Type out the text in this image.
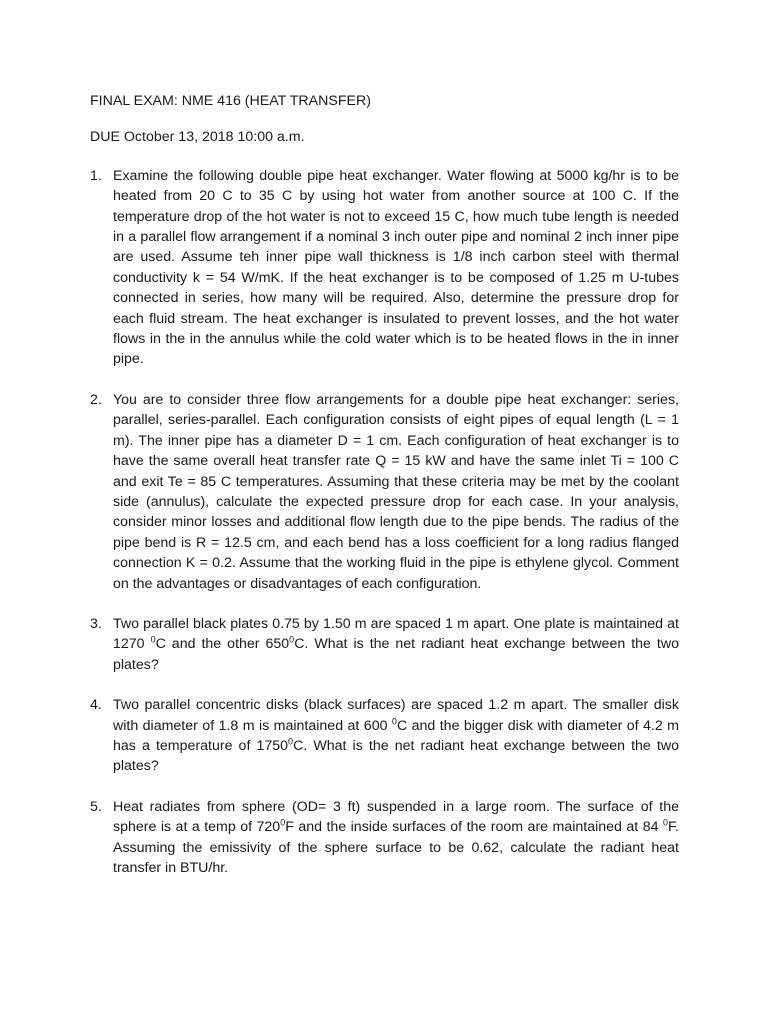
FINAL EXAM: NME 416 (HEAT TRANSFER)

DUE October 13, 2018 10:00 a.m.

1. Examine the following double pipe heat exchanger. Water flowing at 5000 kg/hr is to be heated from 20 C to 35 C by using hot water from another source at 100 C. If the temperature drop of the hot water is not to exceed 15 C, how much tube length is needed in a parallel flow arrangement if a nominal 3 inch outer pipe and nominal 2 inch inner pipe are used. Assume teh inner pipe wall thickness is 1/8 inch carbon steel with thermal conductivity k = 54 W/mK. If the heat exchanger is to be composed of 1.25 m U-tubes connected in series, how many will be required. Also, determine the pressure drop for each fluid stream. The heat exchanger is insulated to prevent losses, and the hot water flows in the in the annulus while the cold water which is to be heated flows in the in inner pipe.
2. You are to consider three flow arrangements for a double pipe heat exchanger: series, parallel, series-parallel. Each configuration consists of eight pipes of equal length (L = 1 m). The inner pipe has a diameter D = 1 cm. Each configuration of heat exchanger is to have the same overall heat transfer rate Q = 15 kW and have the same inlet Ti = 100 C and exit Te = 85 C temperatures. Assuming that these criteria may be met by the coolant side (annulus), calculate the expected pressure drop for each case. In your analysis, consider minor losses and additional flow length due to the pipe bends. The radius of the pipe bend is R = 12.5 cm, and each bend has a loss coefficient for a long radius flanged connection K = 0.2. Assume that the working fluid in the pipe is ethylene glycol. Comment on the advantages or disadvantages of each configuration.
3. Two parallel black plates 0.75 by 1.50 m are spaced 1 m apart. One plate is maintained at 1270 $^0$C and the other $650^0C$. What is the net radiant heat exchange between the two plates?
4. Two parallel concentric disks (black surfaces) are spaced 1.2 m apart. The smaller disk with diameter of 1.8 m is maintained at 600 $^0$C and the bigger disk with diameter of 4.2 m has a temperature of 1750$^0$C. What is the net radiant heat exchange between the two plates?
5. Heat radiates from sphere (OD= 3 ft) suspended in a large room. The surface of the sphere is at a temp of $720^0F$ and the inside surfaces of the room are maintained at 84 $^0$F. Assuming the emissivity of the sphere surface to be 0.62, calculate the radiant heat transfer in BTU/hr.
